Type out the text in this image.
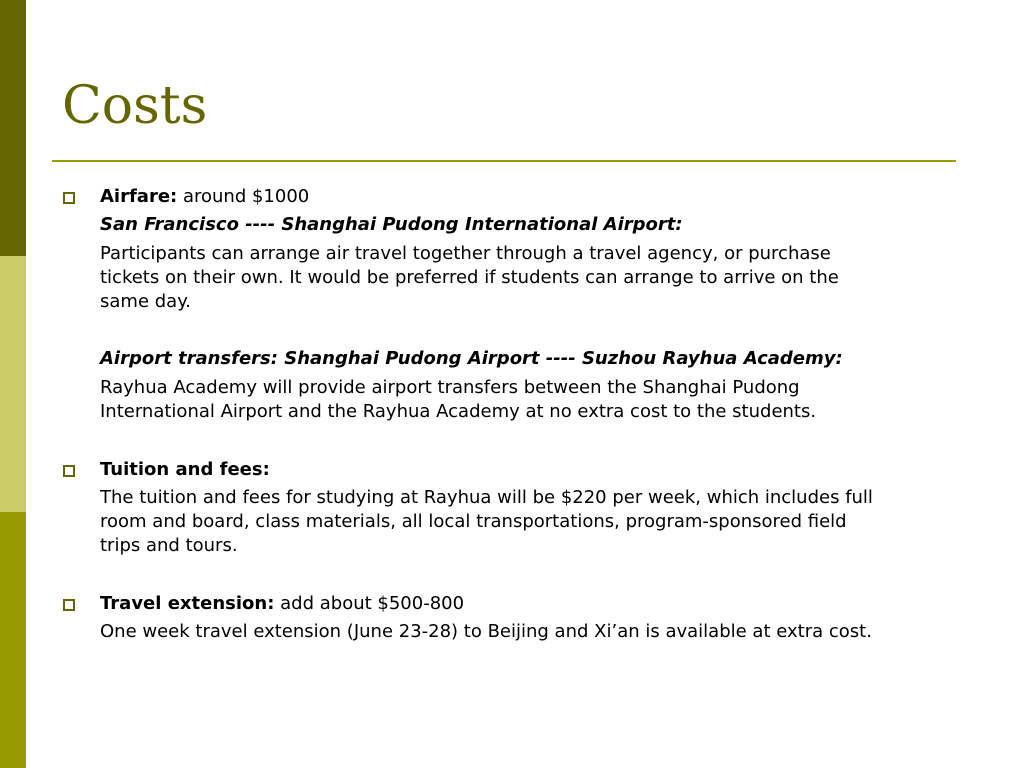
Costs
Airfare: around $1000
San Francisco ---- Shanghai Pudong International Airport:
Participants can arrange air travel together through a travel agency, or purchase
tickets on their own. It would be preferred if students can arrange to arrive on the
same day.
Airport transfers: Shanghai Pudong Airport ---- Suzhou Rayhua Academy:
Rayhua Academy will provide airport transfers between the Shanghai Pudong
International Airport and the Rayhua Academy at no extra cost to the students.
Tuition and fees:
The tuition and fees for studying at Rayhua will be $220 per week, which includes full
room and board, class materials, all local transportations, program-sponsored field
trips and tours.
Travel extension: add about $500-800
One week travel extension (June 23-28) to Beijing and Xi’an is available at extra cost.
